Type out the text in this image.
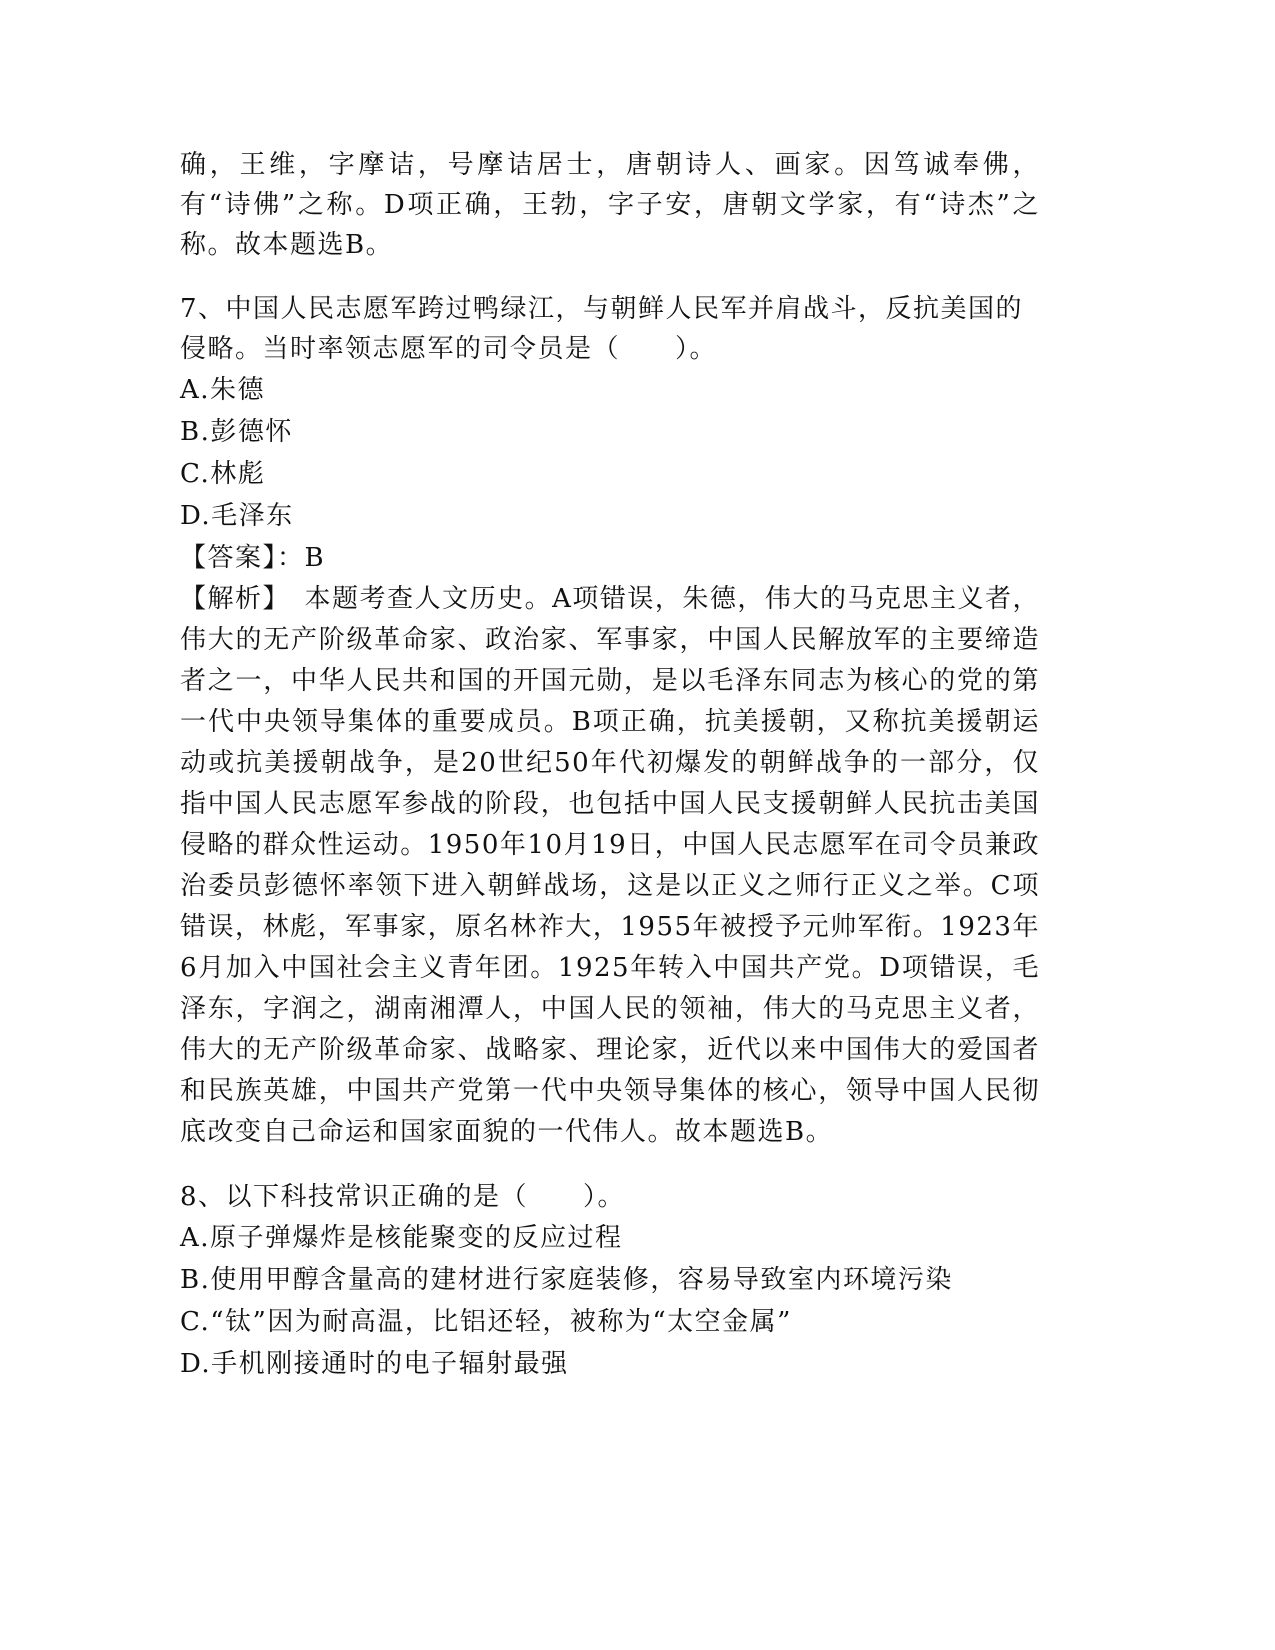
确，王维，字摩诘，号摩诘居士，唐朝诗人、画家。因笃诚奉佛，有“诗佛”之称。D项正确，王勃，字子安，唐朝文学家，有“诗杰”之称。故本题选B。

7、中国人民志愿军跨过鸭绿江，与朝鲜人民军并肩战斗，反抗美国的侵略。当时率领志愿军的司令员是（　　）。

A.朱德

B.彭德怀

C.林彪

D.毛泽东

【答案】：B

【解析】　本题考查人文历史。A项错误，朱德，伟大的马克思主义者，伟大的无产阶级革命家、政治家、军事家，中国人民解放军的主要缔造者之一，中华人民共和国的开国元勋，是以毛泽东同志为核心的党的第一代中央领导集体的重要成员。B项正确，抗美援朝，又称抗美援朝运动或抗美援朝战争，是20世纪50年代初爆发的朝鲜战争的一部分，仅指中国人民志愿军参战的阶段，也包括中国人民支援朝鲜人民抗击美国侵略的群众性运动。1950年10月19日，中国人民志愿军在司令员兼政治委员彭德怀率领下进入朝鲜战场，这是以正义之师行正义之举。C项错误，林彪，军事家，原名林祚大，1955年被授予元帅军衔。1923年6月加入中国社会主义青年团。1925年转入中国共产党。D项错误，毛泽东，字润之，湖南湘潭人，中国人民的领袖，伟大的马克思主义者，伟大的无产阶级革命家、战略家、理论家，近代以来中国伟大的爱国者和民族英雄，中国共产党第一代中央领导集体的核心，领导中国人民彻底改变自己命运和国家面貌的一代伟人。故本题选B。

8、以下科技常识正确的是（　　）。

A.原子弹爆炸是核能聚变的反应过程

B.使用甲醇含量高的建材进行家庭装修，容易导致室内环境污染

C.“钛”因为耐高温，比铝还轻，被称为“太空金属”

D.手机刚接通时的电子辐射最强
